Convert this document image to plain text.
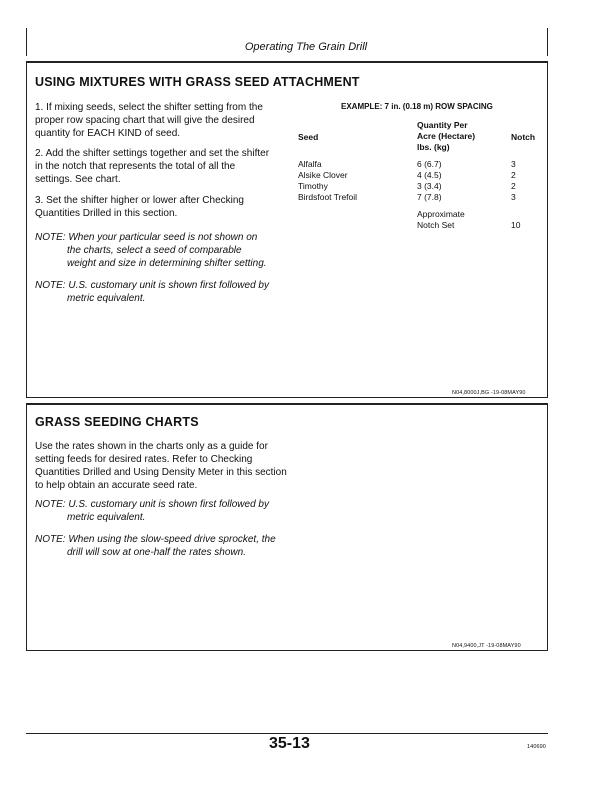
Operating The Grain Drill
USING MIXTURES WITH GRASS SEED ATTACHMENT
1. If mixing seeds, select the shifter setting from the
proper row spacing chart that will give the desired
quantity for EACH KIND of seed.
2. Add the shifter settings together and set the shifter
in the notch that represents the total of all the
settings. See chart.
3. Set the shifter higher or lower after Checking
Quantities Drilled in this section.
NOTE: When your particular seed is not shown on
the charts, select a seed of comparable
weight and size in determining shifter setting.
NOTE: U.S. customary unit is shown first followed by
metric equivalent.
EXAMPLE: 7 in. (0.18 m) ROW SPACING
Seed
Quantity Per
Acre (Hectare)
lbs. (kg)
Notch
Alfalfa
Alsike Clover
Timothy
Birdsfoot Trefoil
6 (6.7)
4 (4.5)
3 (3.4)
7 (7.8)
3
2
2
3
Approximate
Notch Set	10
N04,8000J,BG -19-08MAY90
GRASS SEEDING CHARTS
Use the rates shown in the charts only as a guide for
setting feeds for desired rates. Refer to Checking
Quantities Drilled and Using Density Meter in this section
to help obtain an accurate seed rate.
NOTE: U.S. customary unit is shown first followed by
metric equivalent.
NOTE: When using the slow-speed drive sprocket, the
drill will sow at one-half the rates shown.
N04,9400,JT -19-08MAY90
35-13	140690
